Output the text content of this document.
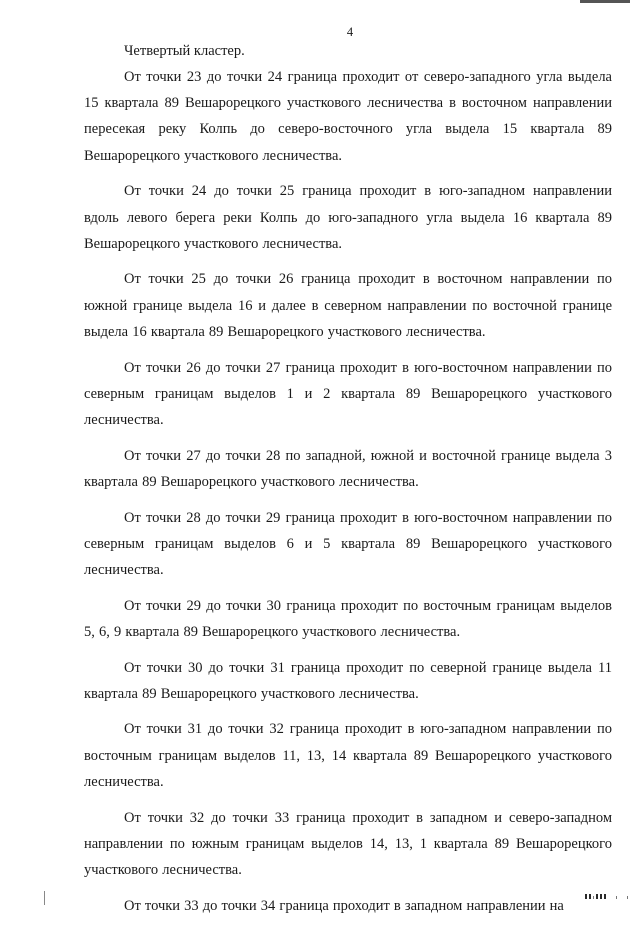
4
Четвертый кластер.

От точки 23 до точки 24 граница проходит от северо-западного угла выдела 15 квартала 89 Вешарорецкого участкового лесничества в восточном направлении пересекая реку Колпь до северо-восточного угла выдела 15 квартала 89 Вешарорецкого участкового лесничества.

От точки 24 до точки 25 граница проходит в юго-западном направлении вдоль левого берега реки Колпь до юго-западного угла выдела 16 квартала 89 Вешарорецкого участкового лесничества.

От точки 25 до точки 26 граница проходит в восточном направлении по южной границе выдела 16 и далее в северном направлении по восточной границе выдела 16 квартала 89 Вешарорецкого участкового лесничества.

От точки 26 до точки 27 граница проходит в юго-восточном направлении по северным границам выделов 1 и 2 квартала 89 Вешарорецкого участкового лесничества.

От точки 27 до точки 28 по западной, южной и восточной границе выдела 3 квартала 89 Вешарорецкого участкового лесничества.

От точки 28 до точки 29 граница проходит в юго-восточном направлении по северным границам выделов 6 и 5 квартала 89 Вешарорецкого участкового лесничества.

От точки 29 до точки 30 граница проходит по восточным границам выделов 5, 6, 9 квартала 89 Вешарорецкого участкового лесничества.

От точки 30 до точки 31 граница проходит по северной границе выдела 11 квартала 89 Вешарорецкого участкового лесничества.

От точки 31 до точки 32 граница проходит в юго-западном направлении по восточным границам выделов 11, 13, 14 квартала 89 Вешарорецкого участкового лесничества.

От точки 32 до точки 33 граница проходит в западном и северо-западном направлении по южным границам выделов 14, 13, 1 квартала 89 Вешарорецкого участкового лесничества.

От точки 33 до точки 34 граница проходит в западном направлении на
